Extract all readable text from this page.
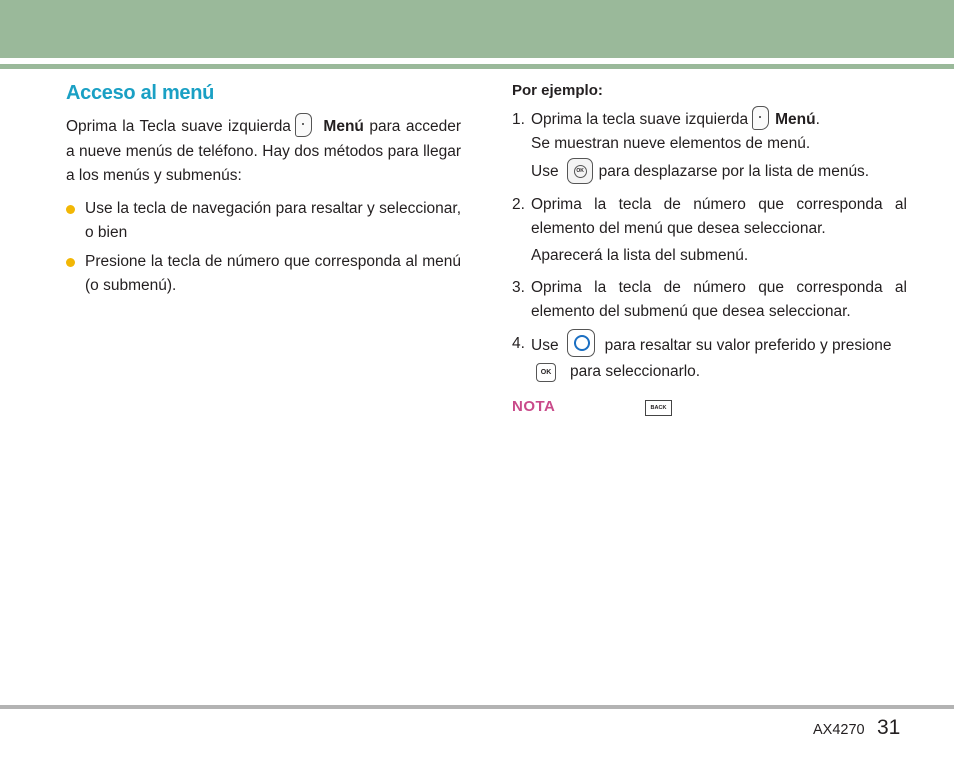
Acceso al menú

Oprima la Tecla suave izquierda Menú para acceder a nueve menús de teléfono. Hay dos métodos para llegar a los menús y submenús:

Use la tecla de navegación para resaltar y seleccionar, o bien
Presione la tecla de número que corresponda al menú (o submenú).

Por ejemplo:

1. Oprima la tecla suave izquierda Menú.
Se muestran nueve elementos de menú.
Use	OK para desplazarse por la lista de menús.
2. Oprima la tecla de número que corresponda al elemento del menú que desea seleccionar.
Aparecerá la lista del submenú.
3. Oprima la tecla de número que corresponda al elemento del submenú que desea seleccionar.
4. Use	para resaltar su valor preferido y presione
OK para seleccionarlo.
NOTA	BACK
AX4270 31
